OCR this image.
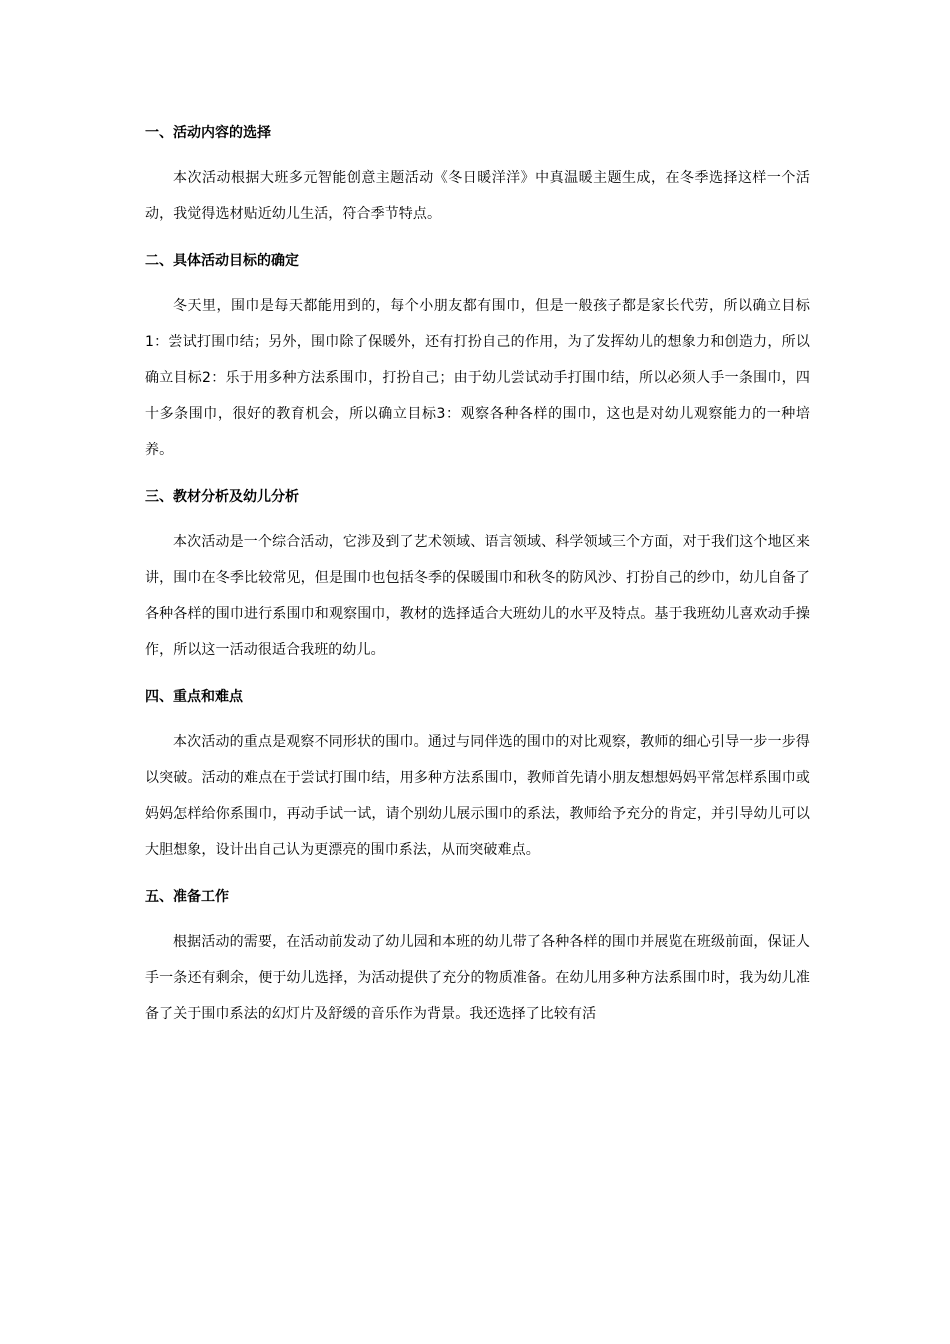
一、活动内容的选择

本次活动根据大班多元智能创意主题活动《冬日暖洋洋》中真温暖主题生成，在冬季选择这样一个活动，我觉得选材贴近幼儿生活，符合季节特点。

二、具体活动目标的确定

冬天里，围巾是每天都能用到的，每个小朋友都有围巾，但是一般孩子都是家长代劳，所以确立目标1：尝试打围巾结；另外，围巾除了保暖外，还有打扮自己的作用，为了发挥幼儿的想象力和创造力，所以确立目标2：乐于用多种方法系围巾，打扮自己；由于幼儿尝试动手打围巾结，所以必须人手一条围巾，四十多条围巾，很好的教育机会，所以确立目标3：观察各种各样的围巾，这也是对幼儿观察能力的一种培养。

三、教材分析及幼儿分析

本次活动是一个综合活动，它涉及到了艺术领域、语言领域、科学领域三个方面，对于我们这个地区来讲，围巾在冬季比较常见，但是围巾也包括冬季的保暖围巾和秋冬的防风沙、打扮自己的纱巾，幼儿自备了各种各样的围巾进行系围巾和观察围巾，教材的选择适合大班幼儿的水平及特点。基于我班幼儿喜欢动手操作，所以这一活动很适合我班的幼儿。

四、重点和难点

本次活动的重点是观察不同形状的围巾。通过与同伴选的围巾的对比观察，教师的细心引导一步一步得以突破。活动的难点在于尝试打围巾结，用多种方法系围巾，教师首先请小朋友想想妈妈平常怎样系围巾或妈妈怎样给你系围巾，再动手试一试，请个别幼儿展示围巾的系法，教师给予充分的肯定，并引导幼儿可以大胆想象，设计出自己认为更漂亮的围巾系法，从而突破难点。

五、准备工作

根据活动的需要，在活动前发动了幼儿园和本班的幼儿带了各种各样的围巾并展览在班级前面，保证人手一条还有剩余，便于幼儿选择，为活动提供了充分的物质准备。在幼儿用多种方法系围巾时，我为幼儿准备了关于围巾系法的幻灯片及舒缓的音乐作为背景。我还选择了比较有活
